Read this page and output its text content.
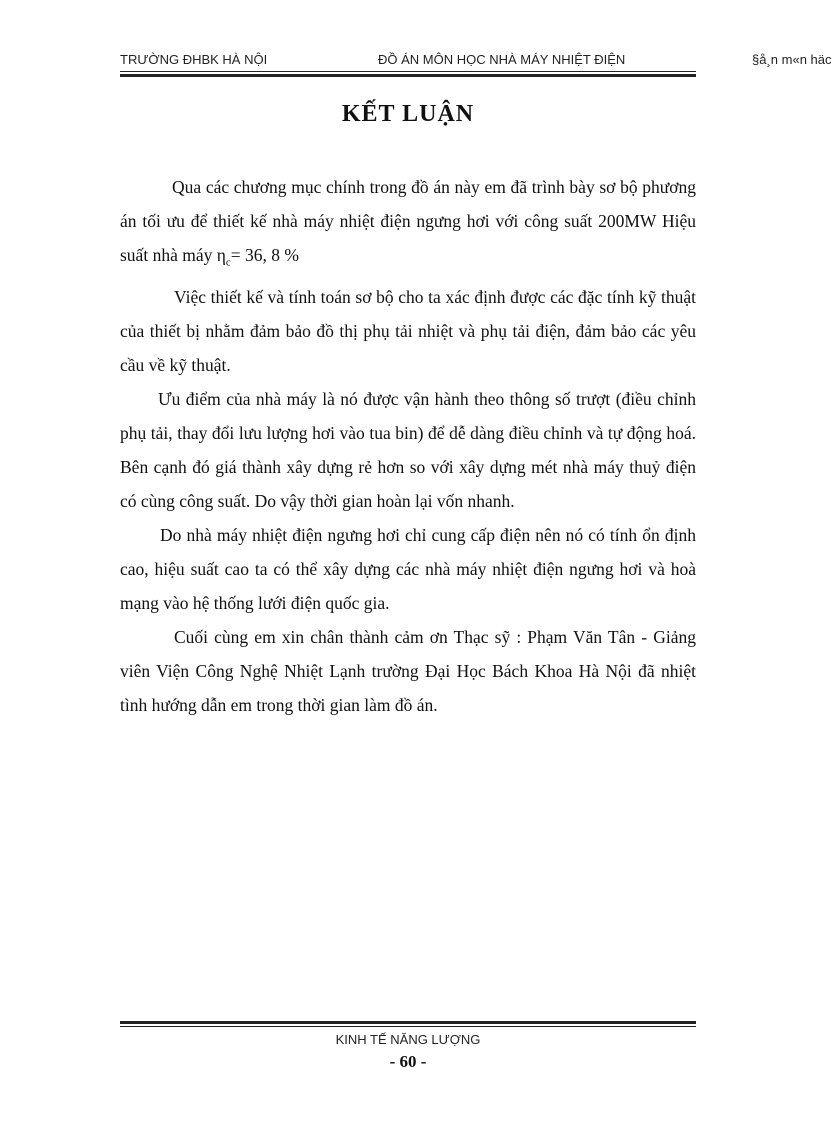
TRƯỜNG ĐHBK HÀ NỘI	ĐỒ ÁN MÔN HỌC NHÀ MÁY NHIỆT ĐIỆN	§å¸n m«n häc
KẾT LUẬN

Qua các chương mục chính trong đồ án này em đã trình bày sơ bộ phương án tối ưu để thiết kế nhà máy nhiệt điện ngưng hơi với công suất 200MW Hiệu suất nhà máy $\eta_c= 36$, 8 %

Việc thiết kế và tính toán sơ bộ cho ta xác định được các đặc tính kỹ thuật của thiết bị nhằm đảm bảo đồ thị phụ tải nhiệt và phụ tải điện, đảm bảo các yêu cầu về kỹ thuật.

Ưu điểm của nhà máy là nó được vận hành theo thông số trượt (điều chỉnh phụ tải, thay đổi lưu lượng hơi vào tua bin) để dễ dàng điều chỉnh và tự động hoá. Bên cạnh đó giá thành xây dựng rẻ hơn so với xây dựng mét nhà máy thuỷ điện có cùng công suất. Do vậy thời gian hoàn lại vốn nhanh.

Do nhà máy nhiệt điện ngưng hơi chỉ cung cấp điện nên nó có tính ổn định cao, hiệu suất cao ta có thể xây dựng các nhà máy nhiệt điện ngưng hơi và hoà mạng vào hệ thống lưới điện quốc gia.

Cuối cùng em xin chân thành cảm ơn Thạc sỹ : Phạm Văn Tân - Giảng viên Viện Công Nghệ Nhiệt Lạnh trường Đại Học Bách Khoa Hà Nội đã nhiệt tình hướng dẫn em trong thời gian làm đồ án.

KINH TẾ NĂNG LƯỢNG
- 60 -
